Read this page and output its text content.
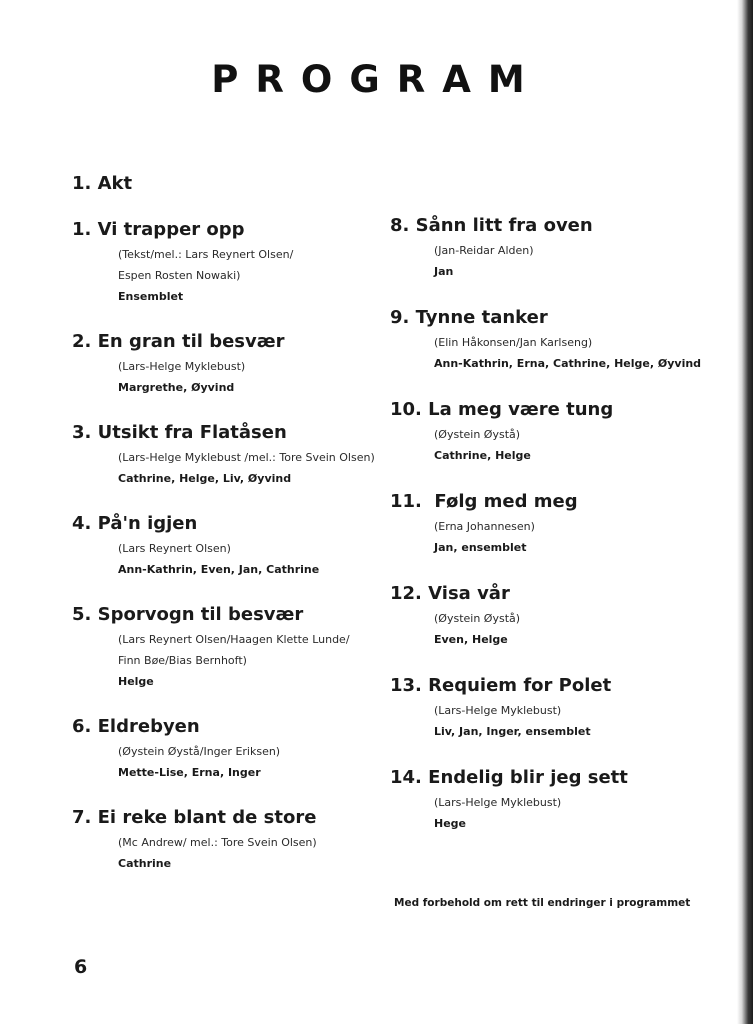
PROGRAM
1. Akt
1. Vi trapper opp
(Tekst/mel.: Lars Reynert Olsen/
Espen Rosten Nowaki)
Ensemblet
2. En gran til besvær
(Lars-Helge Myklebust)
Margrethe, Øyvind
3. Utsikt fra Flatåsen
(Lars-Helge Myklebust /mel.: Tore Svein Olsen)
Cathrine, Helge, Liv, Øyvind
4. På'n igjen
(Lars Reynert Olsen)
Ann-Kathrin, Even, Jan, Cathrine
5. Sporvogn til besvær
(Lars Reynert Olsen/Haagen Klette Lunde/
Finn Bøe/Bias Bernhoft)
Helge
6. Eldrebyen
(Øystein Øystå/Inger Eriksen)
Mette-Lise, Erna, Inger
7. Ei reke blant de store
(Mc Andrew/ mel.: Tore Svein Olsen)
Cathrine
8. Sånn litt fra oven
(Jan-Reidar Alden)
Jan
9. Tynne tanker
(Elin Håkonsen/Jan Karlseng)
Ann-Kathrin, Erna, Cathrine, Helge, Øyvind
10. La meg være tung
(Øystein Øystå)
Cathrine, Helge
11.  Følg med meg
(Erna Johannesen)
Jan, ensemblet
12. Visa vår
(Øystein Øystå)
Even, Helge
13. Requiem for Polet
(Lars-Helge Myklebust)
Liv, Jan, Inger, ensemblet
14. Endelig blir jeg sett
(Lars-Helge Myklebust)
Hege
Med forbehold om rett til endringer i programmet
6
